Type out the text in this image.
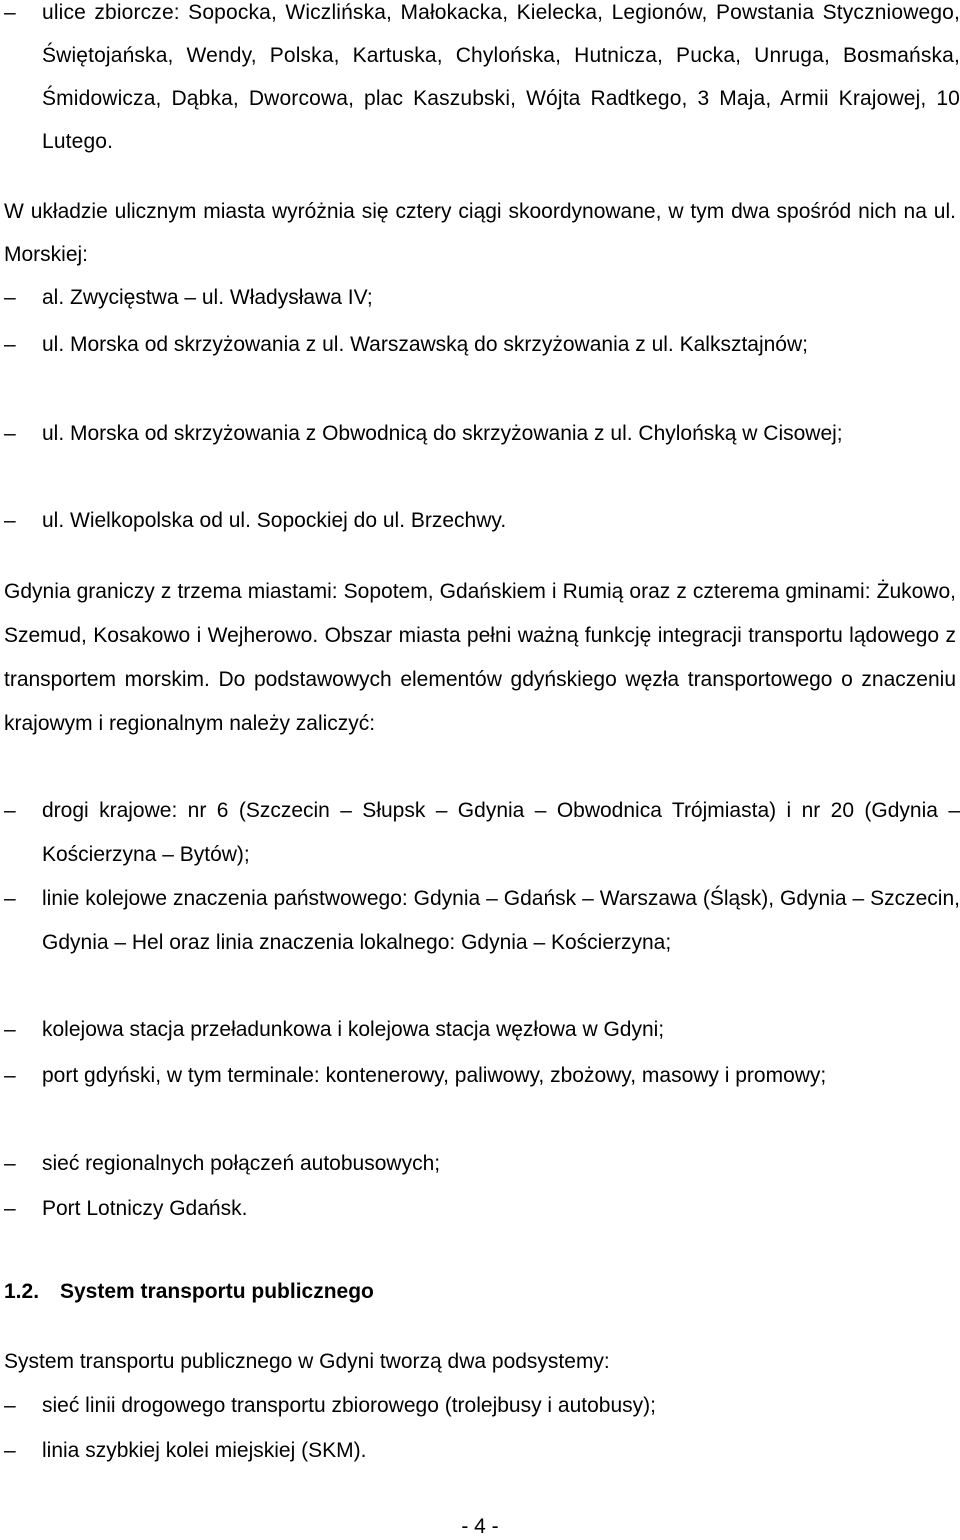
–	ulice zbiorcze: Sopocka, Wiczlińska, Małokacka, Kielecka, Legionów, Powstania Styczniowego, Świętojańska, Wendy, Polska, Kartuska, Chylońska, Hutnicza, Pucka, Unruga, Bosmańska, Śmidowicza, Dąbka, Dworcowa, plac Kaszubski, Wójta Radtkego, 3 Maja, Armii Krajowej, 10 Lutego.
W układzie ulicznym miasta wyróżnia się cztery ciągi skoordynowane, w tym dwa spośród nich na ul. Morskiej:
–	al. Zwycięstwa – ul. Władysława IV;
–	ul. Morska od skrzyżowania z ul. Warszawską do skrzyżowania z ul. Kalksztajnów;
–	ul. Morska od skrzyżowania z Obwodnicą do skrzyżowania z ul. Chylońską w Cisowej;
–	ul. Wielkopolska od ul. Sopockiej do ul. Brzechwy.
Gdynia graniczy z trzema miastami: Sopotem, Gdańskiem i Rumią oraz z czterema gminami: Żukowo, Szemud, Kosakowo i Wejherowo. Obszar miasta pełni ważną funkcję integracji transportu lądowego z transportem morskim. Do podstawowych elementów gdyńskiego węzła transportowego o znaczeniu krajowym i regionalnym należy zaliczyć:
–	drogi krajowe: nr 6 (Szczecin – Słupsk – Gdynia – Obwodnica Trójmiasta) i nr 20 (Gdynia – Kościerzyna – Bytów);
–	linie kolejowe znaczenia państwowego: Gdynia – Gdańsk – Warszawa (Śląsk), Gdynia – Szczecin, Gdynia – Hel oraz linia znaczenia lokalnego: Gdynia – Kościerzyna;
–	kolejowa stacja przeładunkowa i kolejowa stacja węzłowa w Gdyni;
–	port gdyński, w tym terminale: kontenerowy, paliwowy, zbożowy, masowy i promowy;
–	sieć regionalnych połączeń autobusowych;
–	Port Lotniczy Gdańsk.
1.2. System transportu publicznego
System transportu publicznego w Gdyni tworzą dwa podsystemy:
–	sieć linii drogowego transportu zbiorowego (trolejbusy i autobusy);
–	linia szybkiej kolei miejskiej (SKM).
- 4 -
